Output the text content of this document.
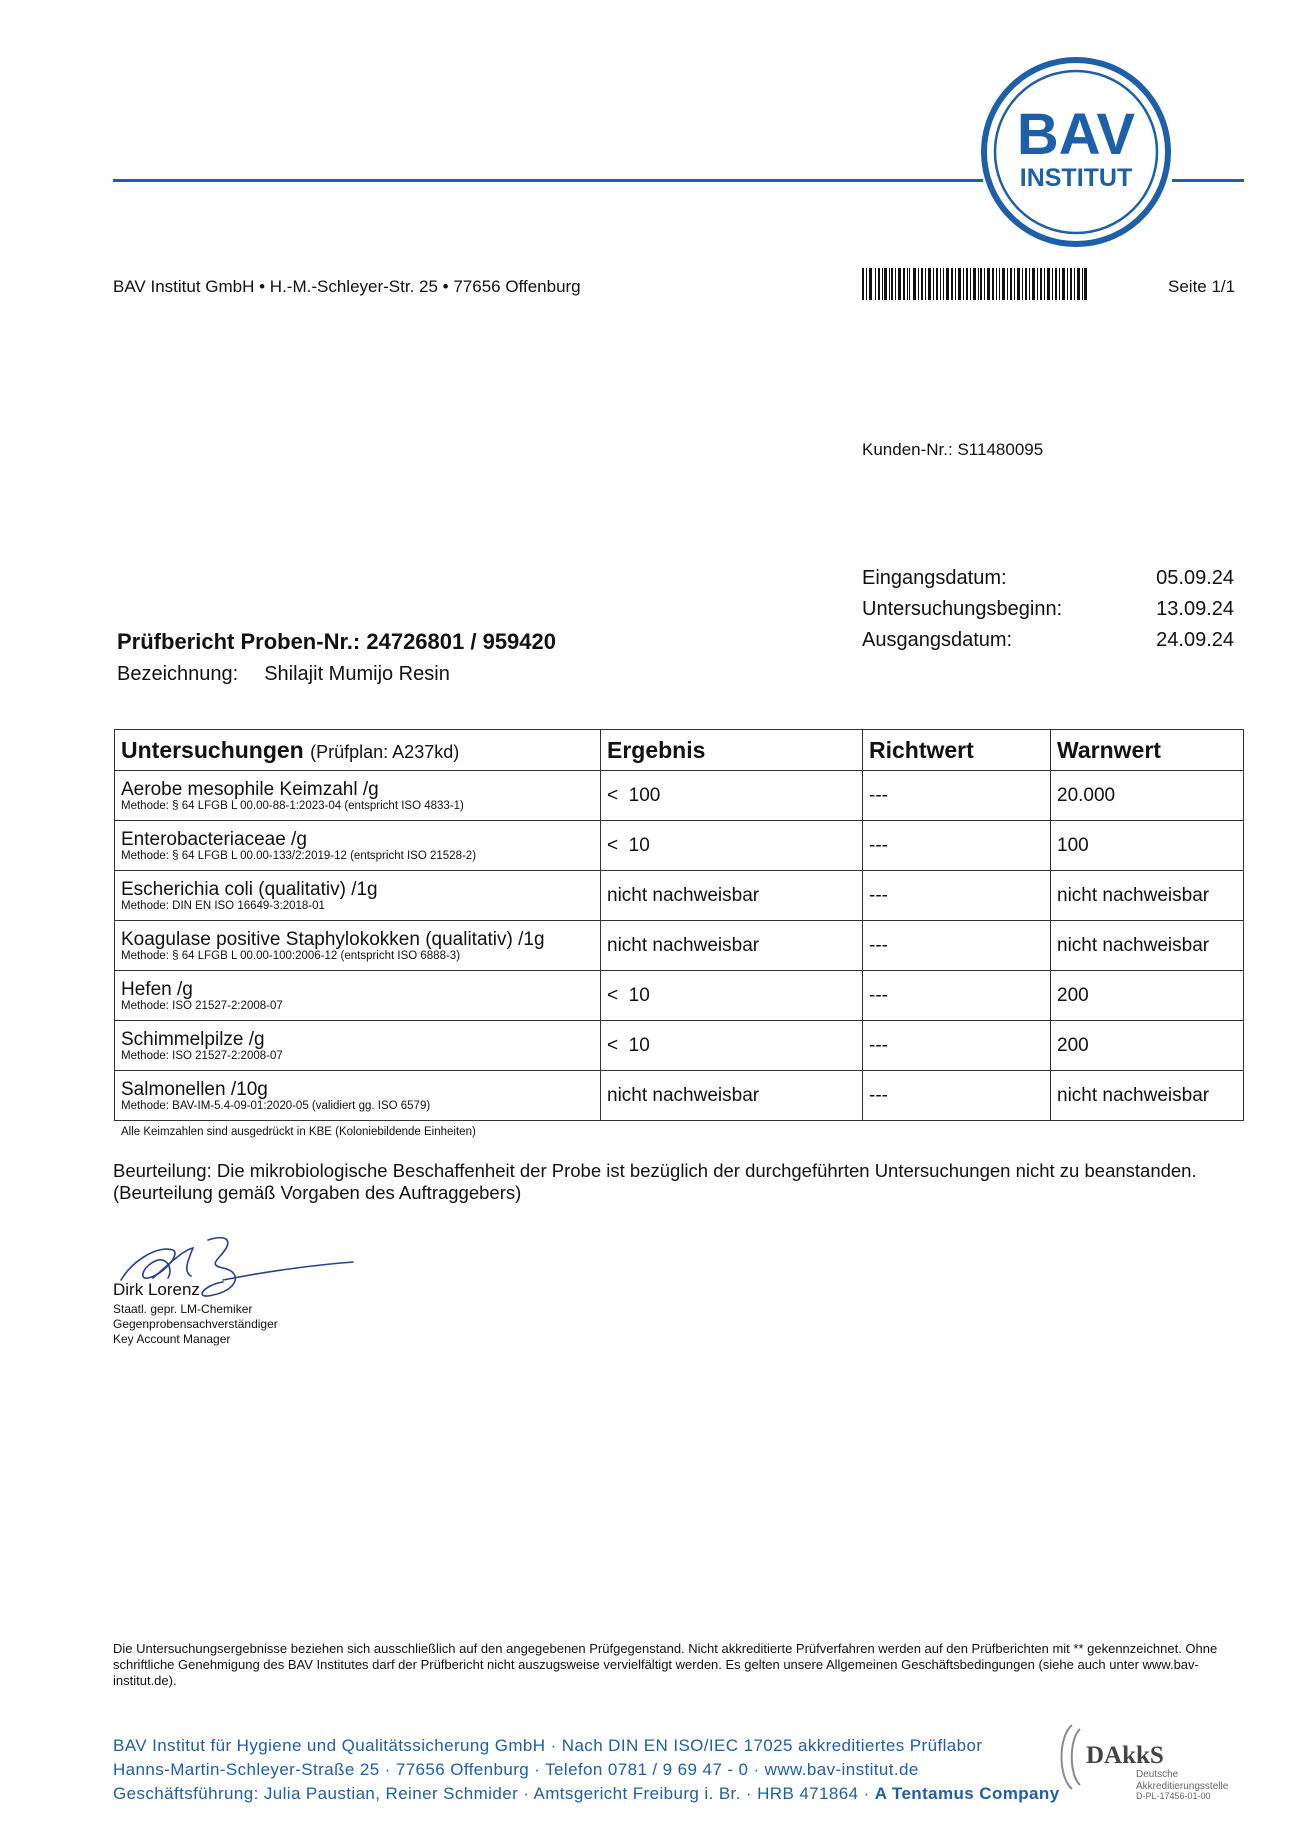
BAV
INSTITUT
BAV Institut GmbH • H.-M.-Schleyer-Str. 25 • 77656 Offenburg	Seite 1/1
Kunden-Nr.: S11480095
Eingangsdatum:	05.09.24
Untersuchungsbeginn:	13.09.24
Ausgangsdatum:	24.09.24
Prüfbericht Proben-Nr.: 24726801 / 959420
Bezeichnung: Shilajit Mumijo Resin
Untersuchungen (Prüfplan: A237kd)	Ergebnis	Richtwert	Warnwert

Aerobe mesophile Keimzahl /g
Methode: § 64 LFGB L 00.00-88-1:2023-04 (entspricht ISO 4833-1)	<  100	---	20.000

Enterobacteriaceae /g
Methode: § 64 LFGB L 00.00-133/2:2019-12 (entspricht ISO 21528-2)	<  10	---	100

Escherichia coli (qualitativ) /1g
Methode: DIN EN ISO 16649-3:2018-01	nicht nachweisbar	---	nicht nachweisbar

Koagulase positive Staphylokokken (qualitativ) /1g
Methode: § 64 LFGB L 00.00-100:2006-12 (entspricht ISO 6888-3)	nicht nachweisbar	---	nicht nachweisbar

Hefen /g
Methode: ISO 21527-2:2008-07	<  10	---	200

Schimmelpilze /g
Methode: ISO 21527-2:2008-07	<  10	---	200

Salmonellen /10g
Methode: BAV-IM-5.4-09-01:2020-05 (validiert gg. ISO 6579)	nicht nachweisbar	---	nicht nachweisbar
Alle Keimzahlen sind ausgedrückt in KBE (Koloniebildende Einheiten)
Beurteilung: Die mikrobiologische Beschaffenheit der Probe ist bezüglich der durchgeführten Untersuchungen nicht zu beanstanden. (Beurteilung gemäß Vorgaben des Auftraggebers)
Dirk Lorenz
Staatl. gepr. LM-Chemiker
Gegenprobensachverständiger
Key Account Manager
Die Untersuchungsergebnisse beziehen sich ausschließlich auf den angegebenen Prüfgegenstand. Nicht akkreditierte Prüfverfahren werden auf den Prüfberichten mit ** gekennzeichnet. Ohne schriftliche Genehmigung des BAV Institutes darf der Prüfbericht nicht auszugsweise vervielfältigt werden. Es gelten unsere Allgemeinen Geschäftsbedingungen (siehe auch unter www.bav-institut.de).
BAV Institut für Hygiene und Qualitätssicherung GmbH · Nach DIN EN ISO/IEC 17025 akkreditiertes Prüflabor
Hanns-Martin-Schleyer-Straße 25 · 77656 Offenburg · Telefon 0781 / 9 69 47 - 0 · www.bav-institut.de
Geschäftsführung: Julia Paustian, Reiner Schmider · Amtsgericht Freiburg i. Br. · HRB 471864 · A Tentamus Company
DAkkS
Deutsche
Akkreditierungsstelle
D-PL-17456-01-00
